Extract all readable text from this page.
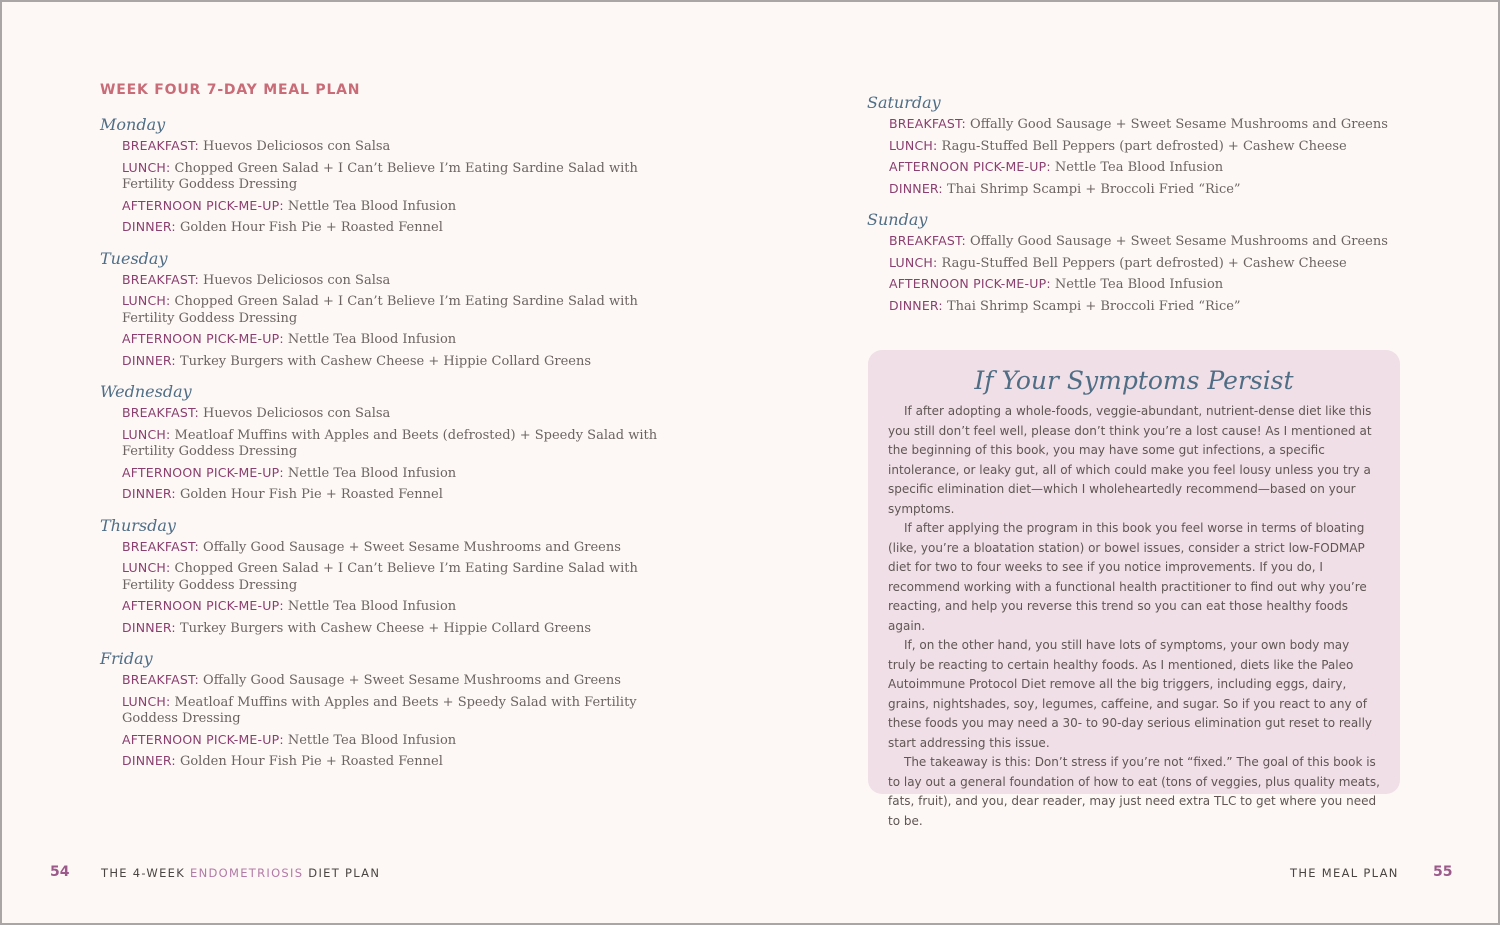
WEEK FOUR 7-DAY MEAL PLAN
Monday
BREAKFAST: Huevos Deliciosos con Salsa
LUNCH: Chopped Green Salad + I Can’t Believe I’m Eating Sardine Salad with Fertility Goddess Dressing
AFTERNOON PICK-ME-UP: Nettle Tea Blood Infusion
DINNER: Golden Hour Fish Pie + Roasted Fennel
Tuesday
BREAKFAST: Huevos Deliciosos con Salsa
LUNCH: Chopped Green Salad + I Can’t Believe I’m Eating Sardine Salad with Fertility Goddess Dressing
AFTERNOON PICK-ME-UP: Nettle Tea Blood Infusion
DINNER: Turkey Burgers with Cashew Cheese + Hippie Collard Greens
Wednesday
BREAKFAST: Huevos Deliciosos con Salsa
LUNCH: Meatloaf Muffins with Apples and Beets (defrosted) + Speedy Salad with Fertility Goddess Dressing
AFTERNOON PICK-ME-UP: Nettle Tea Blood Infusion
DINNER: Golden Hour Fish Pie + Roasted Fennel
Thursday
BREAKFAST: Offally Good Sausage + Sweet Sesame Mushrooms and Greens
LUNCH: Chopped Green Salad + I Can’t Believe I’m Eating Sardine Salad with Fertility Goddess Dressing
AFTERNOON PICK-ME-UP: Nettle Tea Blood Infusion
DINNER: Turkey Burgers with Cashew Cheese + Hippie Collard Greens
Friday
BREAKFAST: Offally Good Sausage + Sweet Sesame Mushrooms and Greens
LUNCH: Meatloaf Muffins with Apples and Beets + Speedy Salad with Fertility Goddess Dressing
AFTERNOON PICK-ME-UP: Nettle Tea Blood Infusion
DINNER: Golden Hour Fish Pie + Roasted Fennel
54	THE 4-WEEK ENDOMETRIOSIS DIET PLAN
Saturday
BREAKFAST: Offally Good Sausage + Sweet Sesame Mushrooms and Greens
LUNCH: Ragu-Stuffed Bell Peppers (part defrosted) + Cashew Cheese
AFTERNOON PICK-ME-UP: Nettle Tea Blood Infusion
DINNER: Thai Shrimp Scampi + Broccoli Fried “Rice”
Sunday
BREAKFAST: Offally Good Sausage + Sweet Sesame Mushrooms and Greens
LUNCH: Ragu-Stuffed Bell Peppers (part defrosted) + Cashew Cheese
AFTERNOON PICK-ME-UP: Nettle Tea Blood Infusion
DINNER: Thai Shrimp Scampi + Broccoli Fried “Rice”
If Your Symptoms Persist

If after adopting a whole-foods, veggie-abundant, nutrient-dense diet like this you still don’t feel well, please don’t think you’re a lost cause! As I mentioned at the beginning of this book, you may have some gut infections, a specific intolerance, or leaky gut, all of which could make you feel lousy unless you try a specific elimination diet—which I wholeheartedly recommend—based on your symptoms.

If after applying the program in this book you feel worse in terms of bloating (like, you’re a bloatation station) or bowel issues, consider a strict low-FODMAP diet for two to four weeks to see if you notice improvements. If you do, I recommend working with a functional health practitioner to find out why you’re reacting, and help you reverse this trend so you can eat those healthy foods again.

If, on the other hand, you still have lots of symptoms, your own body may truly be reacting to certain healthy foods. As I mentioned, diets like the Paleo Autoimmune Protocol Diet remove all the big triggers, including eggs, dairy, grains, nightshades, soy, legumes, caffeine, and sugar. So if you react to any of these foods you may need a 30- to 90-day serious elimination gut reset to really start addressing this issue.

The takeaway is this: Don’t stress if you’re not “fixed.” The goal of this book is to lay out a general foundation of how to eat (tons of veggies, plus quality meats, fats, fruit), and you, dear reader, may just need extra TLC to get where you need to be.

THE MEAL PLAN 55
